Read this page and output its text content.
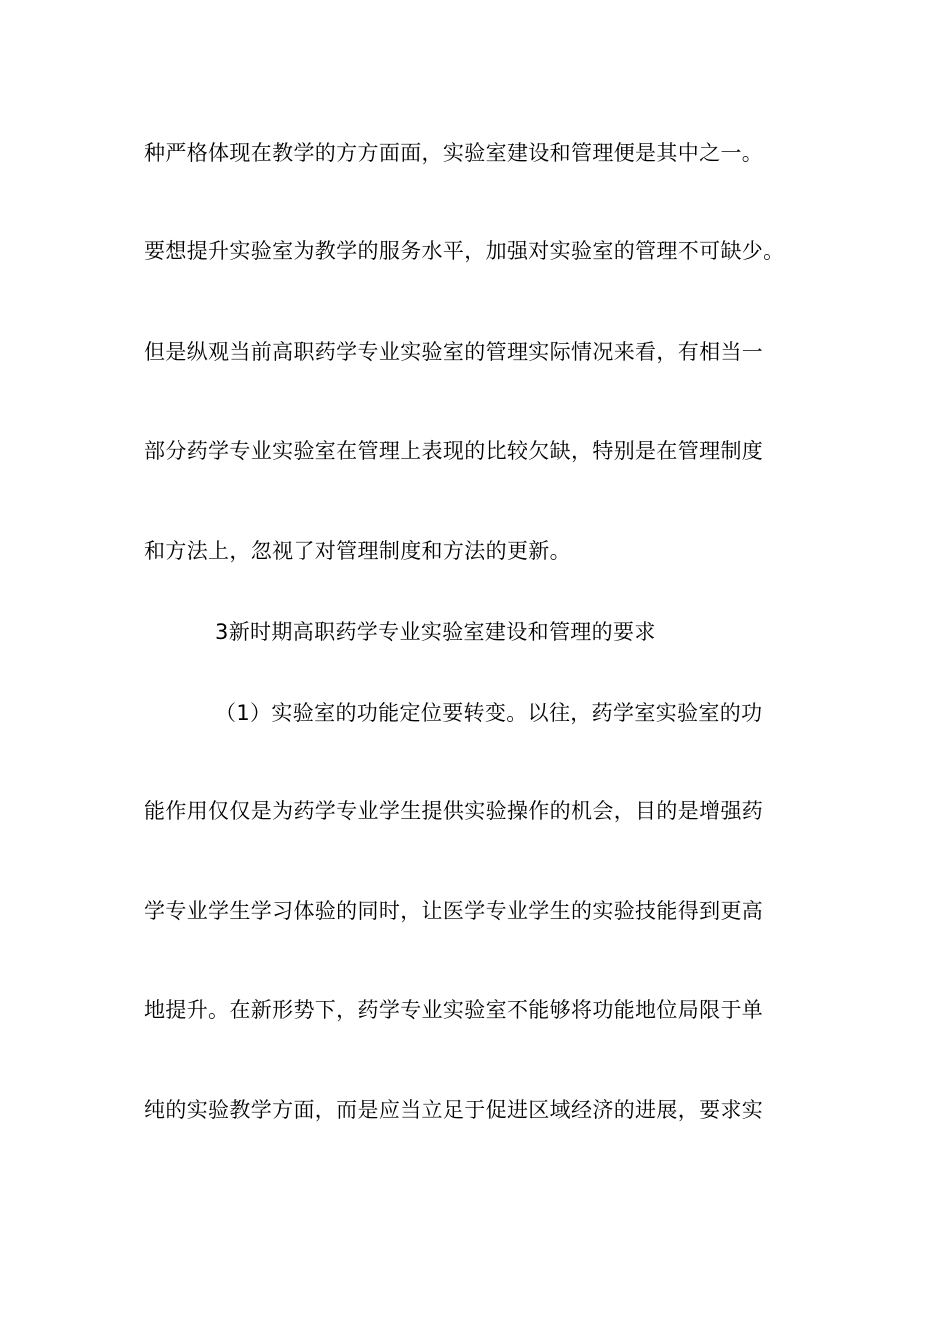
种严格体现在教学的方方面面，实验室建设和管理便是其中之一。
要想提升实验室为教学的服务水平，加强对实验室的管理不可缺少。
但是纵观当前高职药学专业实验室的管理实际情况来看，有相当一
部分药学专业实验室在管理上表现的比较欠缺，特别是在管理制度
和方法上，忽视了对管理制度和方法的更新。
3新时期高职药学专业实验室建设和管理的要求
（1）实验室的功能定位要转变。以往，药学室实验室的功
能作用仅仅是为药学专业学生提供实验操作的机会，目的是增强药
学专业学生学习体验的同时，让医学专业学生的实验技能得到更高
地提升。在新形势下，药学专业实验室不能够将功能地位局限于单
纯的实验教学方面，而是应当立足于促进区域经济的进展，要求实
